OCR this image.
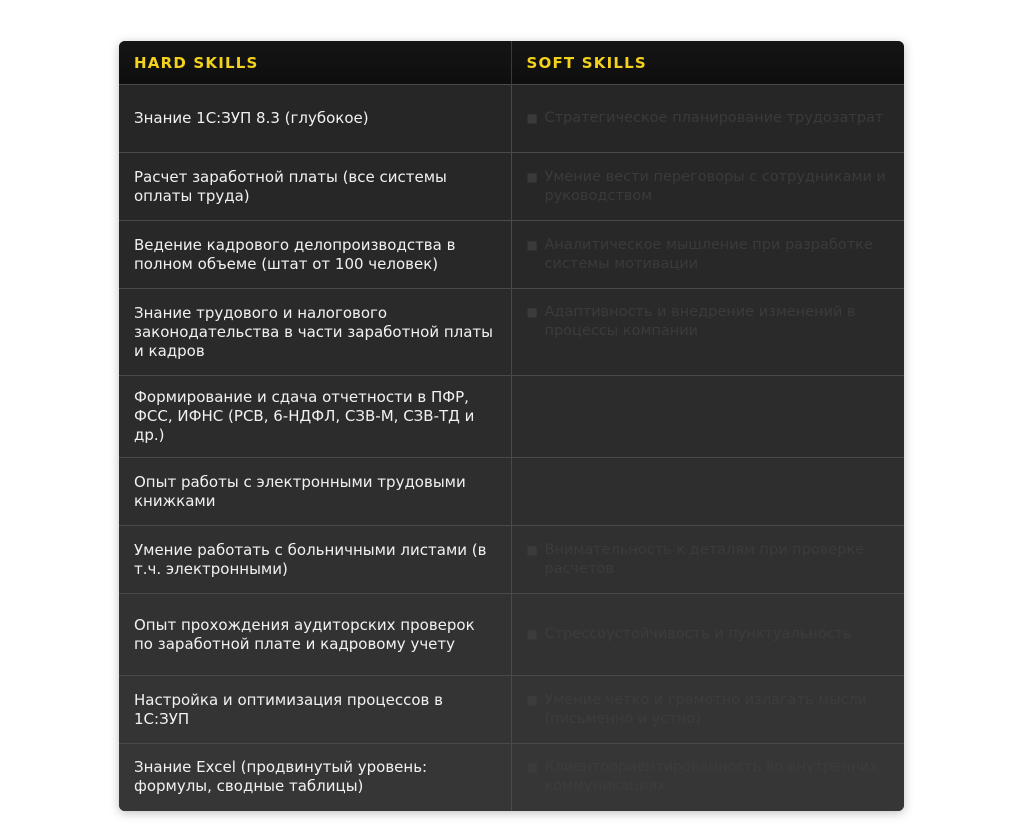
HARD SKILLS	SOFT SKILLS
Знание 1С:ЗУП 8.3 (глубокое)	■ Стратегическое планирование трудозатрат

Расчет заработной платы (все системы оплаты труда)	■ Умение вести переговоры с сотрудниками и руководством

Ведение кадрового делопроизводства в полном объеме (штат от 100 человек)	■ Аналитическое мышление при разработке системы мотивации

Знание трудового и налогового законодательства в части заработной платы и кадров	■ Адаптивность и внедрение изменений в процессы компании

Формирование и сдача отчетности в ПФР, ФСС, ИФНС (РСВ, 6-НДФЛ, СЗВ-М, СЗВ-ТД и др.)	
Опыт работы с электронными трудовыми книжками	
Умение работать с больничными листами (в т.ч. электронными)	■ Внимательность к деталям при проверке расчетов

Опыт прохождения аудиторских проверок по заработной плате и кадровому учету	■ Стрессоустойчивость и пунктуальность

Настройка и оптимизация процессов в 1С:ЗУП	■ Умение четко и грамотно излагать мысли (письменно и устно)

Знание Excel (продвинутый уровень: формулы, сводные таблицы)	■ Клиентоориентированность во внутренних коммуникациях
